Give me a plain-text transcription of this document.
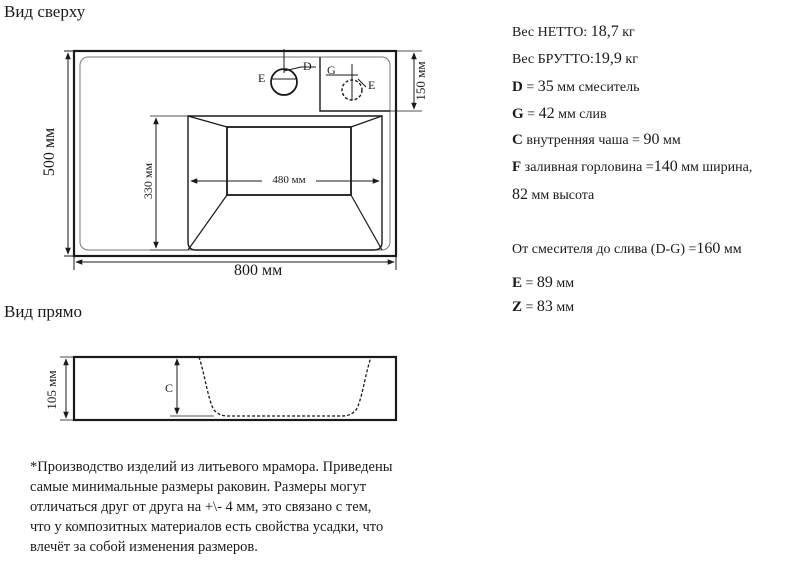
Вид сверху
Вид прямо
800 мм
500 мм
330 мм	480 мм
150 мм
E
D G
E
105 мм	C
Вес НЕТТО: 18,7 кг
Вес БРУТТО:19,9 кг
D = 35 мм смеситель
G = 42 мм слив
C внутренняя чаша = 90 мм
F заливная горловина =140 мм ширина,
82 мм высота
От смесителя до слива (D-G) =160 мм
E = 89 мм
Z = 83 мм
*Производство изделий из литьевого мрамора. Приведены
самые минимальные размеры раковин. Размеры могут
отличаться друг от друга на +\- 4 мм, это связано с тем,
что у композитных материалов есть свойства усадки, что
влечёт за собой изменения размеров.
